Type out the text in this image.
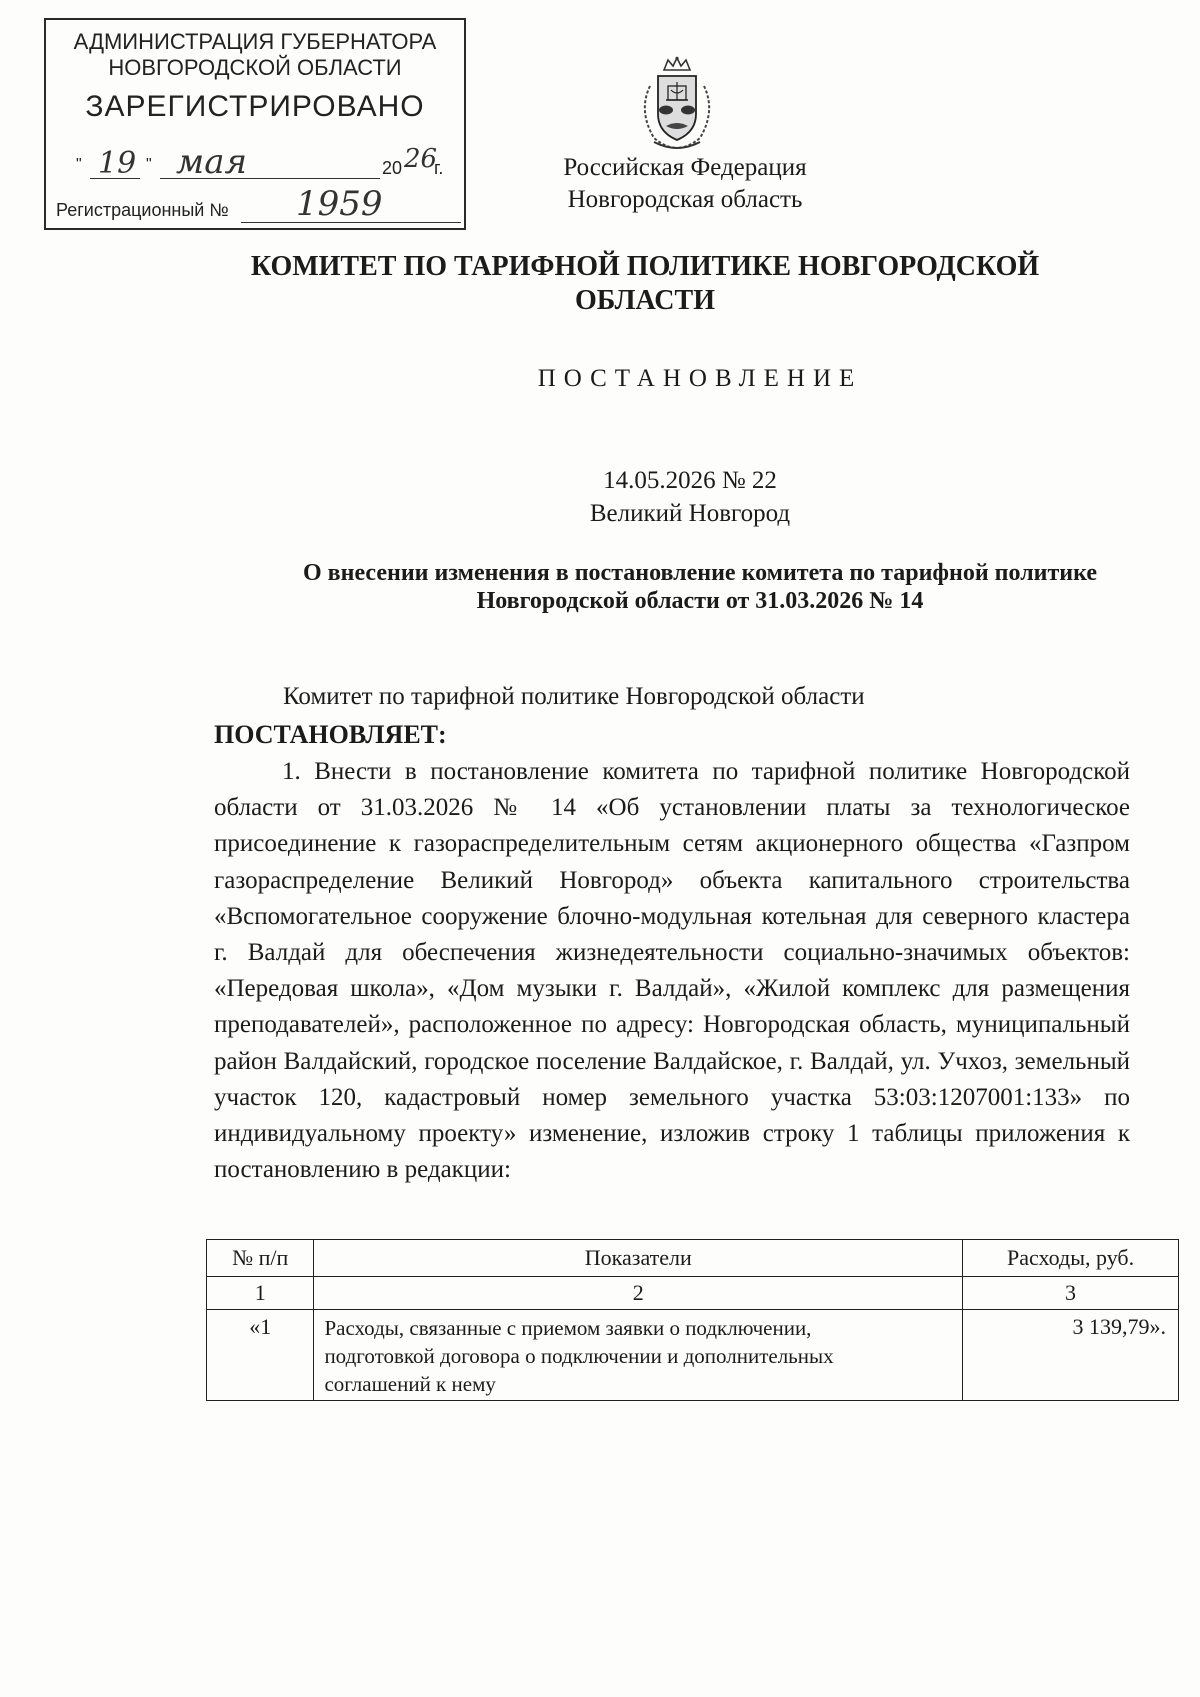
АДМИНИСТРАЦИЯ ГУБЕРНАТОРА
НОВГОРОДСКОЙ ОБЛАСТИ
ЗАРЕГИСТРИРОВАНО
" 19 " мая	20 26
г.
Регистрационный № 1959
Российская Федерация
Новгородская область
КОМИТЕТ ПО ТАРИФНОЙ ПОЛИТИКЕ НОВГОРОДСКОЙ ОБЛАСТИ
ПОСТАНОВЛЕНИЕ
14.05.2026 № 22
Великий Новгород
О внесении изменения в постановление комитета по тарифной политике
Новгородской области от 31.03.2026 № 14
Комитет по тарифной политике Новгородской области
ПОСТАНОВЛЯЕТ:
1. Внести в постановление комитета по тарифной политике Новгородской области от 31.03.2026 № 14 «Об установлении платы за технологическое присоединение к газораспределительным сетям акционерного общества «Газпром газораспределение Великий Новгород» объекта капитального строительства «Вспомогательное сооружение блочно-модульная котельная для северного кластера г. Валдай для обеспечения жизнедеятельности социально-значимых объектов: «Передовая школа», «Дом музыки г. Валдай», «Жилой комплекс для размещения преподавателей», расположенное по адресу: Новгородская область, муниципальный район Валдайский, городское поселение Валдайское, г. Валдай, ул. Учхоз, земельный участок 120, кадастровый номер земельного участка 53:03:1207001:133» по индивидуальному проекту» изменение, изложив строку 1 таблицы приложения к постановлению в редакции:
№ п/п	Показатели	Расходы, руб.
1	2	3
«1	Расходы, связанные с приемом заявки о подключении,
подготовкой договора о подключении и дополнительных
соглашений к нему	3 139,79».
